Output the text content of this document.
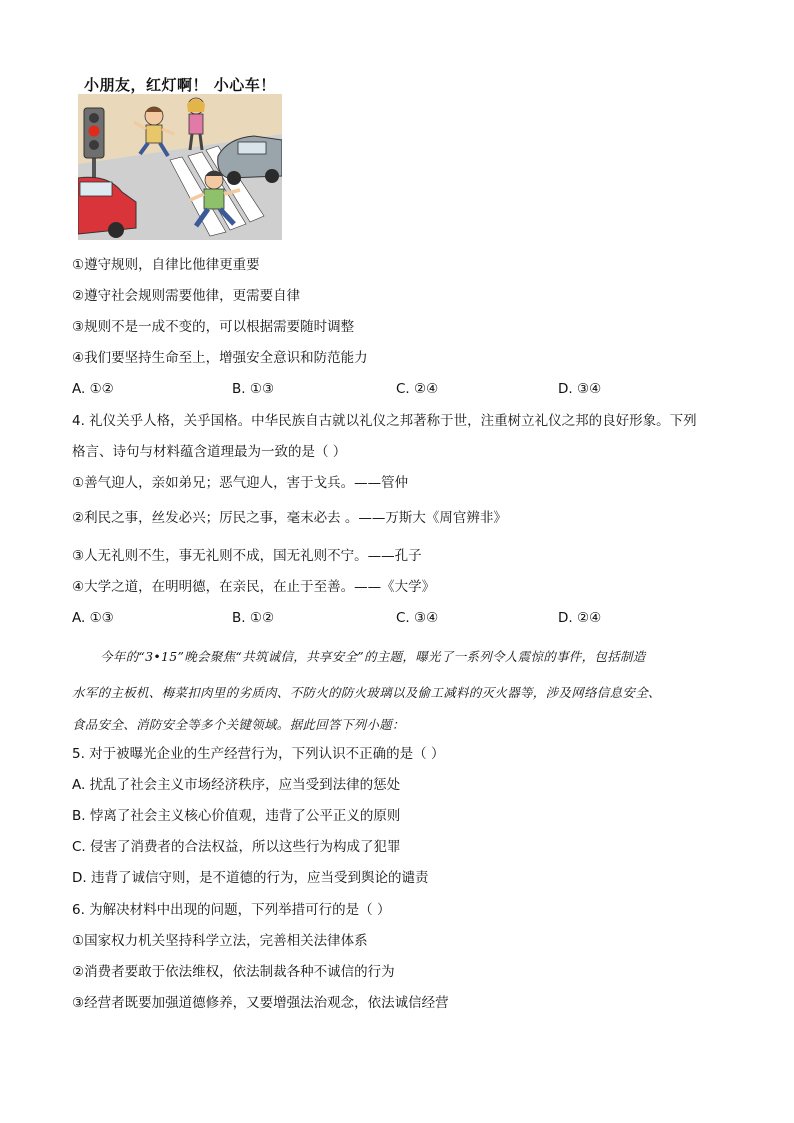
小朋友，红灯啊！ 小心车！
①遵守规则，自律比他律更重要
②遵守社会规则需要他律，更需要自律
③规则不是一成不变的，可以根据需要随时调整
④我们要坚持生命至上，增强安全意识和防范能力
A. ①②	B. ①③	C. ②④	D. ③④
4. 礼仪关乎人格，关乎国格。中华民族自古就以礼仪之邦著称于世，注重树立礼仪之邦的良好形象。下列
格言、诗句与材料蕴含道理最为一致的是（ ）
①善气迎人，亲如弟兄；恶气迎人，害于戈兵。——管仲
②利民之事，丝发必兴；厉民之事，毫末必去 。——万斯大《周官辨非》
③人无礼则不生，事无礼则不成，国无礼则不宁。——孔子
④大学之道，在明明德，在亲民，在止于至善。——《大学》
A. ①③	B. ①②	C. ③④	D. ②④
今年的“3•15”晚会聚焦“共筑诚信，共享安全”的主题，曝光了一系列令人震惊的事件，包括制造
水军的主板机、梅菜扣肉里的劣质肉、不防火的防火玻璃以及偷工减料的灭火器等，涉及网络信息安全、
食品安全、消防安全等多个关键领域。据此回答下列小题：
5. 对于被曝光企业的生产经营行为，下列认识不正确的是（ ）
A. 扰乱了社会主义市场经济秩序，应当受到法律的惩处
B. 悖离了社会主义核心价值观，违背了公平正义的原则
C. 侵害了消费者的合法权益，所以这些行为构成了犯罪
D. 违背了诚信守则，是不道德的行为，应当受到舆论的谴责
6. 为解决材料中出现的问题，下列举措可行的是（ ）
①国家权力机关坚持科学立法，完善相关法律体系
②消费者要敢于依法维权，依法制裁各种不诚信的行为
③经营者既要加强道德修养，又要增强法治观念，依法诚信经营
